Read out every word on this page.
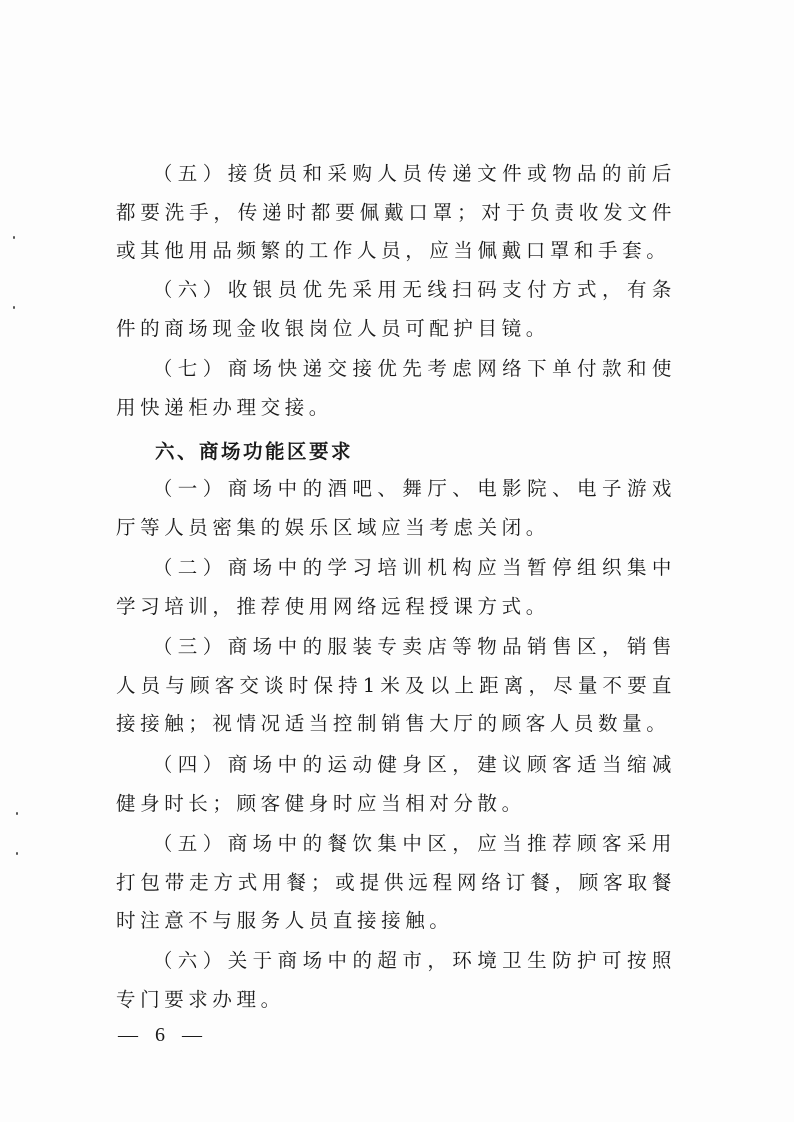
（五）接货员和采购人员传递文件或物品的前后都要洗手，传递时都要佩戴口罩；对于负责收发文件或其他用品频繁的工作人员，应当佩戴口罩和手套。

（六）收银员优先采用无线扫码支付方式，有条件的商场现金收银岗位人员可配护目镜。

（七）商场快递交接优先考虑网络下单付款和使用快递柜办理交接。

六、商场功能区要求

（一）商场中的酒吧、舞厅、电影院、电子游戏厅等人员密集的娱乐区域应当考虑关闭。

（二）商场中的学习培训机构应当暂停组织集中学习培训，推荐使用网络远程授课方式。

（三）商场中的服装专卖店等物品销售区，销售人员与顾客交谈时保持1米及以上距离，尽量不要直接接触；视情况适当控制销售大厅的顾客人员数量。

（四）商场中的运动健身区，建议顾客适当缩减健身时长；顾客健身时应当相对分散。

（五）商场中的餐饮集中区，应当推荐顾客采用打包带走方式用餐；或提供远程网络订餐，顾客取餐时注意不与服务人员直接接触。

（六）关于商场中的超市，环境卫生防护可按照专门要求办理。

— 6 —
